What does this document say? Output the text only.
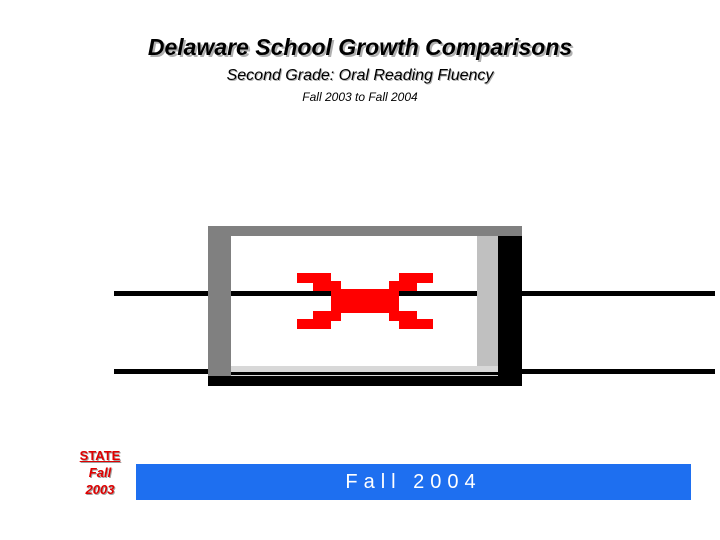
Delaware School Growth Comparisons
Second Grade: Oral Reading Fluency
Fall 2003 to Fall 2004
STATE
Fall
2003	Fall 2004
